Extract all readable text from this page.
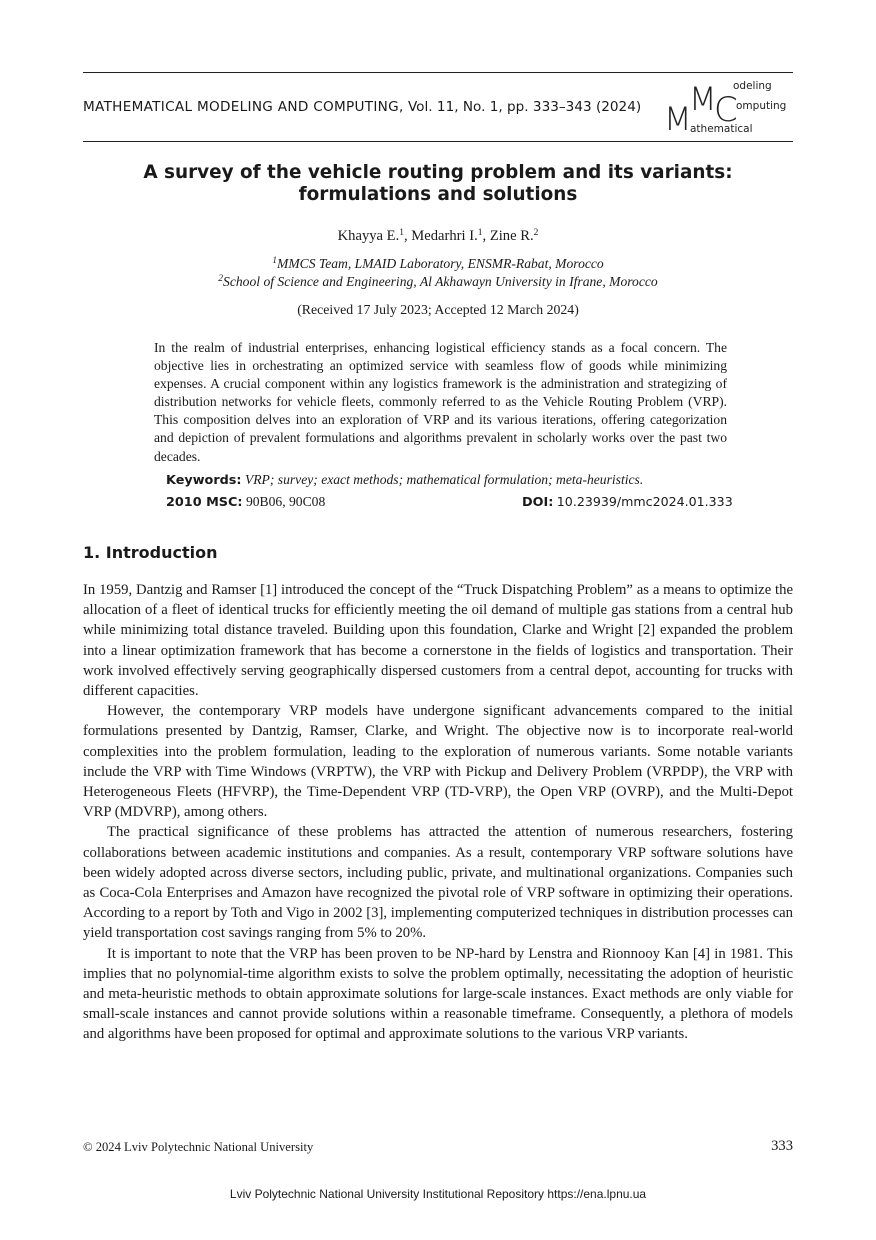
MATHEMATICAL MODELING AND COMPUTING, Vol. 11, No. 1, pp. 333–343 (2024) M
M
C
odeling
omputing
athematical
A survey of the vehicle routing problem and its variants:
formulations and solutions
Khayya E.$^1$, Medarhri I.$^1$, Zine R.$^2$
$^1$MMCS Team, LMAID Laboratory, ENSMR-Rabat, Morocco
$^2$School of Science and Engineering, Al Akhawayn University in Ifrane, Morocco
(Received 17 July 2023; Accepted 12 March 2024)
In the realm of industrial enterprises, enhancing logistical efficiency stands as a focal concern. The objective lies in orchestrating an optimized service with seamless flow of goods while minimizing expenses. A crucial component within any logistics framework is the administration and strategizing of distribution networks for vehicle fleets, commonly referred to as the Vehicle Routing Problem (VRP). This composition delves into an exploration of VRP and its various iterations, offering categorization and depiction of prevalent formulations and algorithms prevalent in scholarly works over the past two decades.
Keywords: VRP; survey; exact methods; mathematical formulation; meta-heuristics.
2010 MSC: 90B06, 90C08	DOI: 10.23939/mmc2024.01.333
1. Introduction

In 1959, Dantzig and Ramser [1] introduced the concept of the “Truck Dispatching Problem” as a means to optimize the allocation of a fleet of identical trucks for efficiently meeting the oil demand of multiple gas stations from a central hub while minimizing total distance traveled. Building upon this foundation, Clarke and Wright [2] expanded the problem into a linear optimization framework that has become a cornerstone in the fields of logistics and transportation. Their work involved effectively serving geographically dispersed customers from a central depot, accounting for trucks with different capacities.

However, the contemporary VRP models have undergone significant advancements compared to the initial formulations presented by Dantzig, Ramser, Clarke, and Wright. The objective now is to incorporate real-world complexities into the problem formulation, leading to the exploration of numerous variants. Some notable variants include the VRP with Time Windows (VRPTW), the VRP with Pickup and Delivery Problem (VRPDP), the VRP with Heterogeneous Fleets (HFVRP), the Time-Dependent VRP (TD-VRP), the Open VRP (OVRP), and the Multi-Depot VRP (MDVRP), among others.

The practical significance of these problems has attracted the attention of numerous researchers, fostering collaborations between academic institutions and companies. As a result, contemporary VRP software solutions have been widely adopted across diverse sectors, including public, private, and multinational organizations. Companies such as Coca-Cola Enterprises and Amazon have recognized the pivotal role of VRP software in optimizing their operations. According to a report by Toth and Vigo in 2002 [3], implementing computerized techniques in distribution processes can yield transportation cost savings ranging from 5% to 20%.

It is important to note that the VRP has been proven to be NP-hard by Lenstra and Rionnooy Kan [4] in 1981. This implies that no polynomial-time algorithm exists to solve the problem optimally, necessitating the adoption of heuristic and meta-heuristic methods to obtain approximate solutions for large-scale instances. Exact methods are only viable for small-scale instances and cannot provide solutions within a reasonable timeframe. Consequently, a plethora of models and algorithms have been proposed for optimal and approximate solutions to the various VRP variants.

© 2024 Lviv Polytechnic National University	333
Lviv Polytechnic National University Institutional Repository https://ena.lpnu.ua
